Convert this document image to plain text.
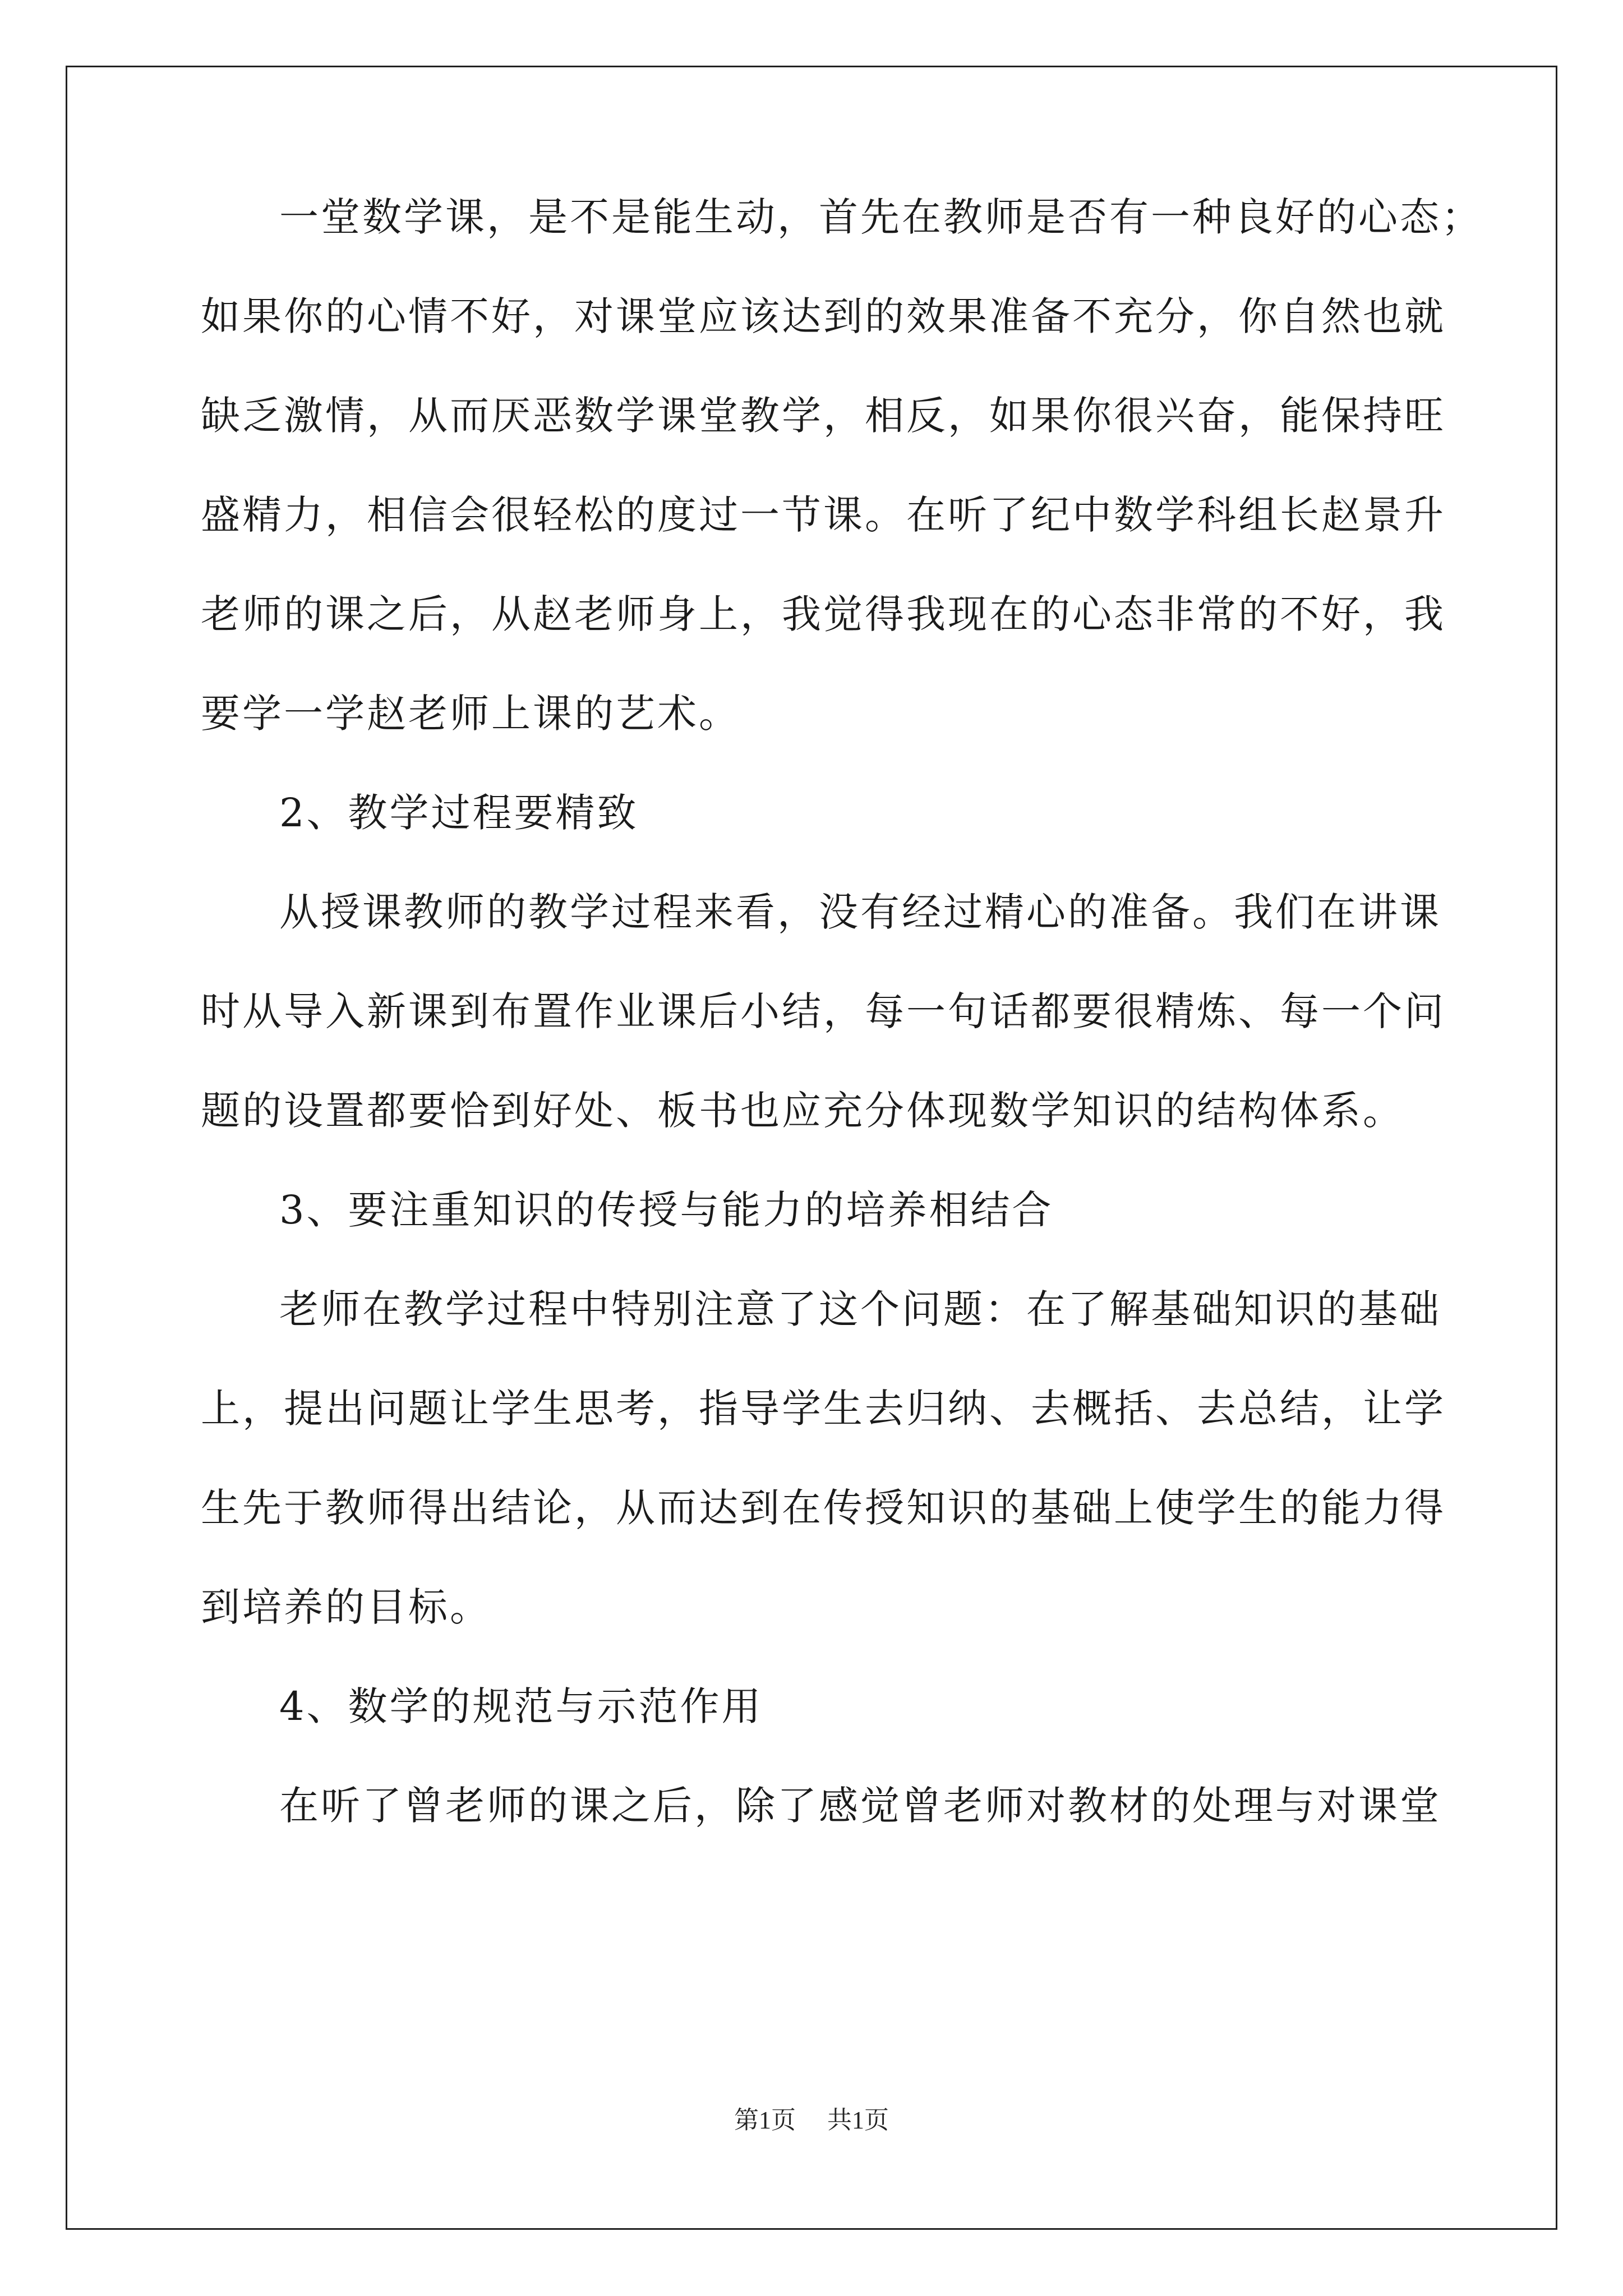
一堂数学课，是不是能生动，首先在教师是否有一种良好的心态；
如果你的心情不好，对课堂应该达到的效果准备不充分，你自然也就
缺乏激情，从而厌恶数学课堂教学，相反，如果你很兴奋，能保持旺
盛精力，相信会很轻松的度过一节课。在听了纪中数学科组长赵景升
老师的课之后，从赵老师身上，我觉得我现在的心态非常的不好，我
要学一学赵老师上课的艺术。
2、教学过程要精致
从授课教师的教学过程来看，没有经过精心的准备。我们在讲课
时从导入新课到布置作业课后小结，每一句话都要很精炼、每一个问
题的设置都要恰到好处、板书也应充分体现数学知识的结构体系。
3、要注重知识的传授与能力的培养相结合
老师在教学过程中特别注意了这个问题：在了解基础知识的基础
上，提出问题让学生思考，指导学生去归纳、去概括、去总结，让学
生先于教师得出结论，从而达到在传授知识的基础上使学生的能力得
到培养的目标。
4、数学的规范与示范作用
在听了曾老师的课之后，除了感觉曾老师对教材的处理与对课堂
第1页 共1页
